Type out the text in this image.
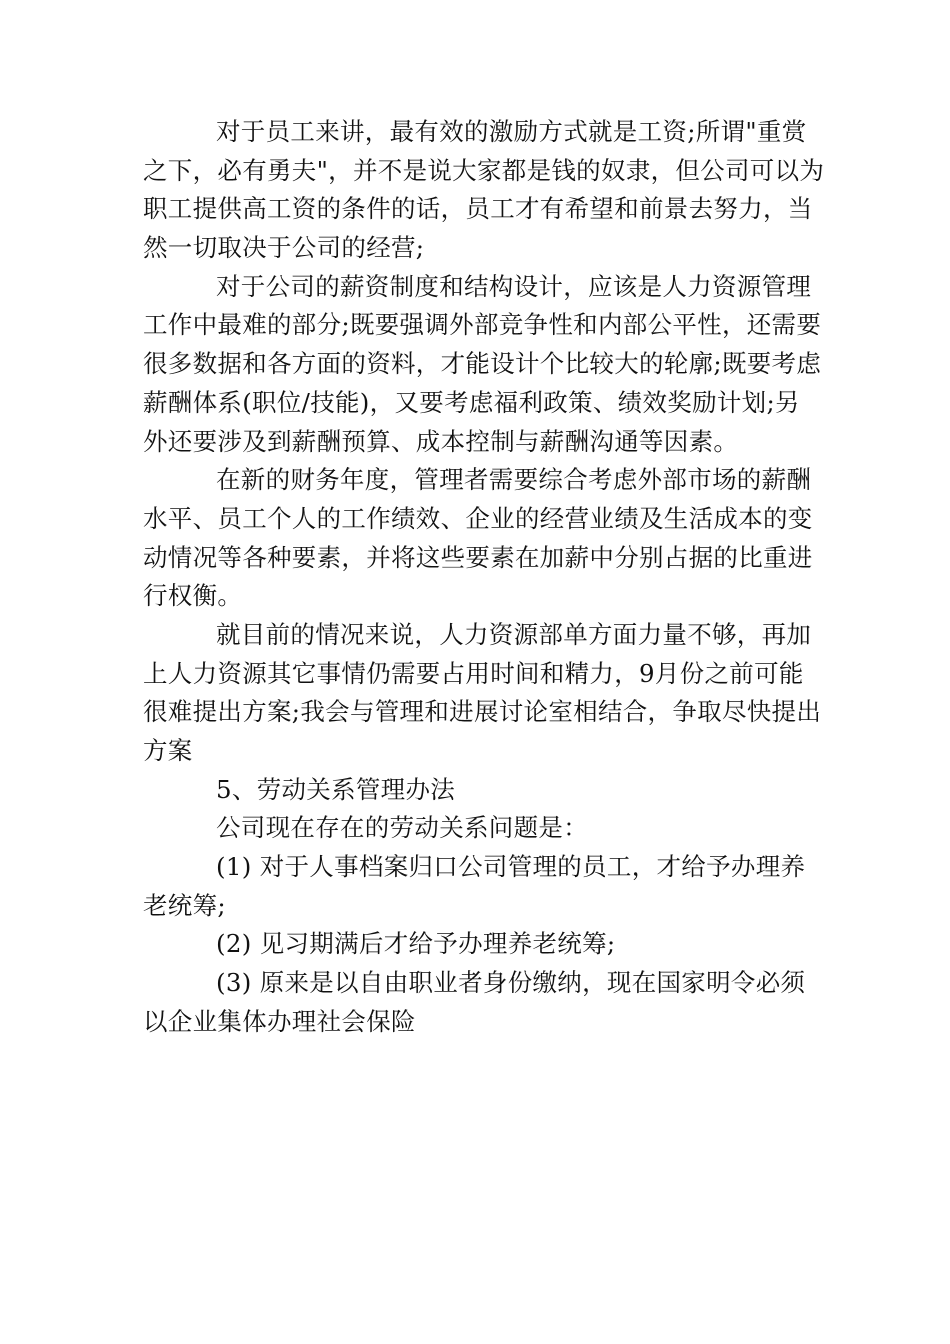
对于员工来讲，最有效的激励方式就是工资;所谓"重赏
之下，必有勇夫"，并不是说大家都是钱的奴隶，但公司可以为
职工提供高工资的条件的话，员工才有希望和前景去努力，当
然一切取决于公司的经营;
对于公司的薪资制度和结构设计，应该是人力资源管理
工作中最难的部分;既要强调外部竞争性和内部公平性，还需要
很多数据和各方面的资料，才能设计个比较大的轮廓;既要考虑
薪酬体系(职位/技能)，又要考虑福利政策、绩效奖励计划;另
外还要涉及到薪酬预算、成本控制与薪酬沟通等因素。
在新的财务年度，管理者需要综合考虑外部市场的薪酬
水平、员工个人的工作绩效、企业的经营业绩及生活成本的变
动情况等各种要素，并将这些要素在加薪中分别占据的比重进
行权衡。
就目前的情况来说，人力资源部单方面力量不够，再加
上人力资源其它事情仍需要占用时间和精力，9月份之前可能
很难提出方案;我会与管理和进展讨论室相结合，争取尽快提出
方案
5、劳动关系管理办法
公司现在存在的劳动关系问题是：
(1) 对于人事档案归口公司管理的员工，才给予办理养
老统筹;
(2) 见习期满后才给予办理养老统筹;
(3) 原来是以自由职业者身份缴纳，现在国家明令必须
以企业集体办理社会保险
